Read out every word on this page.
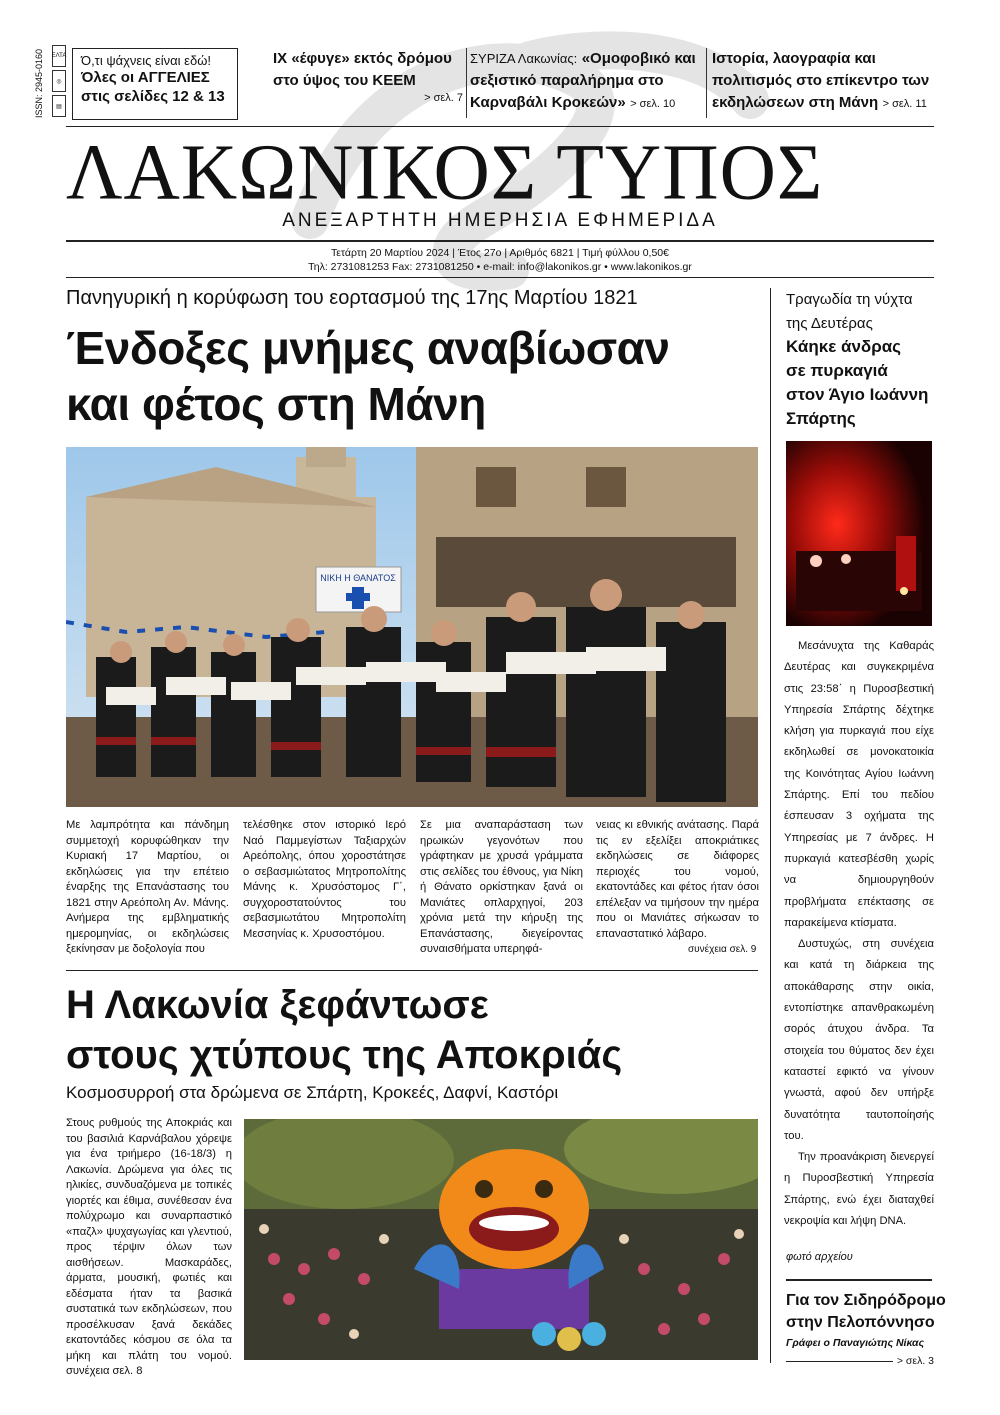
ISSN: 2945-0160 ΕΛΤΑ
◎
▤
Ό,τι ψάχνεις είναι εδώ!
Όλες οι ΑΓΓΕΛΙΕΣ
στις σελίδες 12 & 13
ΙΧ «έφυγε» εκτός δρόμου στο ύψος του ΚΕΕΜ
> σελ. 7
ΣΥΡΙΖΑ Λακωνίας: «Ομοφοβικό και σεξιστικό παραλήρημα στο Καρναβάλι Κροκεών» > σελ. 10
Ιστορία, λαογραφία και πολιτισμός στο επίκεντρο των εκδηλώσεων στη Μάνη > σελ. 11
ΛΑΚΩΝΙΚΟΣ ΤΥΠΟΣ
ΑΝΕΞΑΡΤΗΤΗ ΗΜΕΡΗΣΙΑ ΕΦΗΜΕΡΙΔΑ
Τετάρτη 20 Μαρτίου 2024 | Έτος 27ο | Αριθμός 6821 | Τιμή φύλλου 0,50€
Τηλ: 2731081253 Fax: 2731081250 • e-mail: info@lakonikos.gr • www.lakonikos.gr
Πανηγυρική η κορύφωση του εορτασμού της 17ης Μαρτίου 1821
Ένδοξες μνήμες αναβίωσαν
και φέτος στη Μάνη
ΝΙΚΗ Η ΘΑΝΑΤΟΣ
Με λαμπρότητα και πάνδημη συμμετοχή κορυφώθηκαν την Κυριακή 17 Μαρτίου, οι εκδηλώσεις για την επέτειο έναρξης της Επανάστασης του 1821 στην Αρεόπολη Αν. Μάνης. Ανήμερα της εμβληματικής ημερομηνίας, οι εκδηλώσεις ξεκίνησαν με δοξολογία που
τελέσθηκε στον ιστορικό Ιερό Ναό Παμμεγίστων Ταξιαρχών Αρεόπολης, όπου χοροστάτησε ο σεβασμιώτατος Μητροπολίτης Μάνης κ. Χρυσόστομος Γ΄, συγχοροστατούντος του σεβασμιωτάτου Μητροπολίτη Μεσσηνίας κ. Χρυσοστόμου.
Σε μια αναπαράσταση των ηρωικών γεγονότων που γράφτηκαν με χρυσά γράμματα στις σελίδες του έθνους, για Νίκη ή Θάνατο ορκίστηκαν ξανά οι Μανιάτες οπλαρχηγοί, 203 χρόνια μετά την κήρυξη της Επανάστασης, διεγείροντας συναισθήματα υπερηφά-
νειας κι εθνικής ανάτασης. Παρά τις εν εξελίξει αποκριάτικες εκδηλώσεις σε διάφορες περιοχές του νομού, εκατοντάδες και φέτος ήταν όσοι επέλεξαν να τιμήσουν την ημέρα που οι Μανιάτες σήκωσαν το επαναστατικό λάβαρο.
συνέχεια σελ. 9
Η Λακωνία ξεφάντωσε
στους χτύπους της Αποκριάς
Κοσμοσυρροή στα δρώμενα σε Σπάρτη, Κροκεές, Δαφνί, Καστόρι
Στους ρυθμούς της Αποκριάς και του βασιλιά Καρνάβαλου χόρεψε για ένα τριήμερο (16-18/3) η Λακωνία. Δρώμενα για όλες τις ηλικίες, συνδυαζόμενα με τοπικές γιορτές και έθιμα, συνέθεσαν ένα πολύχρωμο και συναρπαστικό «παζλ» ψυχαγωγίας και γλεντιού, προς τέρψιν όλων των αισθήσεων. Μασκαράδες, άρματα, μουσική, φωτιές και εδέσματα ήταν τα βασικά συστατικά των εκδηλώσεων, που προσέλκυσαν ξανά δεκάδες εκατοντάδες κόσμου σε όλα τα μήκη και πλάτη του νομού. συνέχεια σελ. 8
Τραγωδία τη νύχτα
της Δευτέρας
Κάηκε άνδρας
σε πυρκαγιά
στον Άγιο Ιωάννη
Σπάρτης

Μεσάνυχτα της Καθαράς Δευτέρας και συγκεκριμένα στις 23:58΄ η Πυροσβεστική Υπηρεσία Σπάρτης δέχτηκε κλήση για πυρκαγιά που είχε εκδηλωθεί σε μονοκατοικία της Κοινότητας Αγίου Ιωάννη Σπάρτης. Επί του πεδίου έσπευσαν 3 οχήματα της Υπηρεσίας με 7 άνδρες. Η πυρκαγιά κατεσβέσθη χωρίς να δημιουργηθούν προβλήματα επέκτασης σε παρακείμενα κτίσματα.

Δυστυχώς, στη συνέχεια και κατά τη διάρκεια της αποκάθαρσης στην οικία, εντοπίστηκε απανθρακωμένη σορός άτυχου άνδρα. Τα στοιχεία του θύματος δεν έχει καταστεί εφικτό να γίνουν γνωστά, αφού δεν υπήρξε δυνατότητα ταυτοποίησής του.

Την προανάκριση διενεργεί η Πυροσβεστική Υπηρεσία Σπάρτης, ενώ έχει διαταχθεί νεκροψία και λήψη DNA.

φωτό αρχείου
Για τον Σιδηρόδρομο
στην Πελοπόννησο
Γράφει ο Παναγιώτης Νίκας
> σελ. 3
